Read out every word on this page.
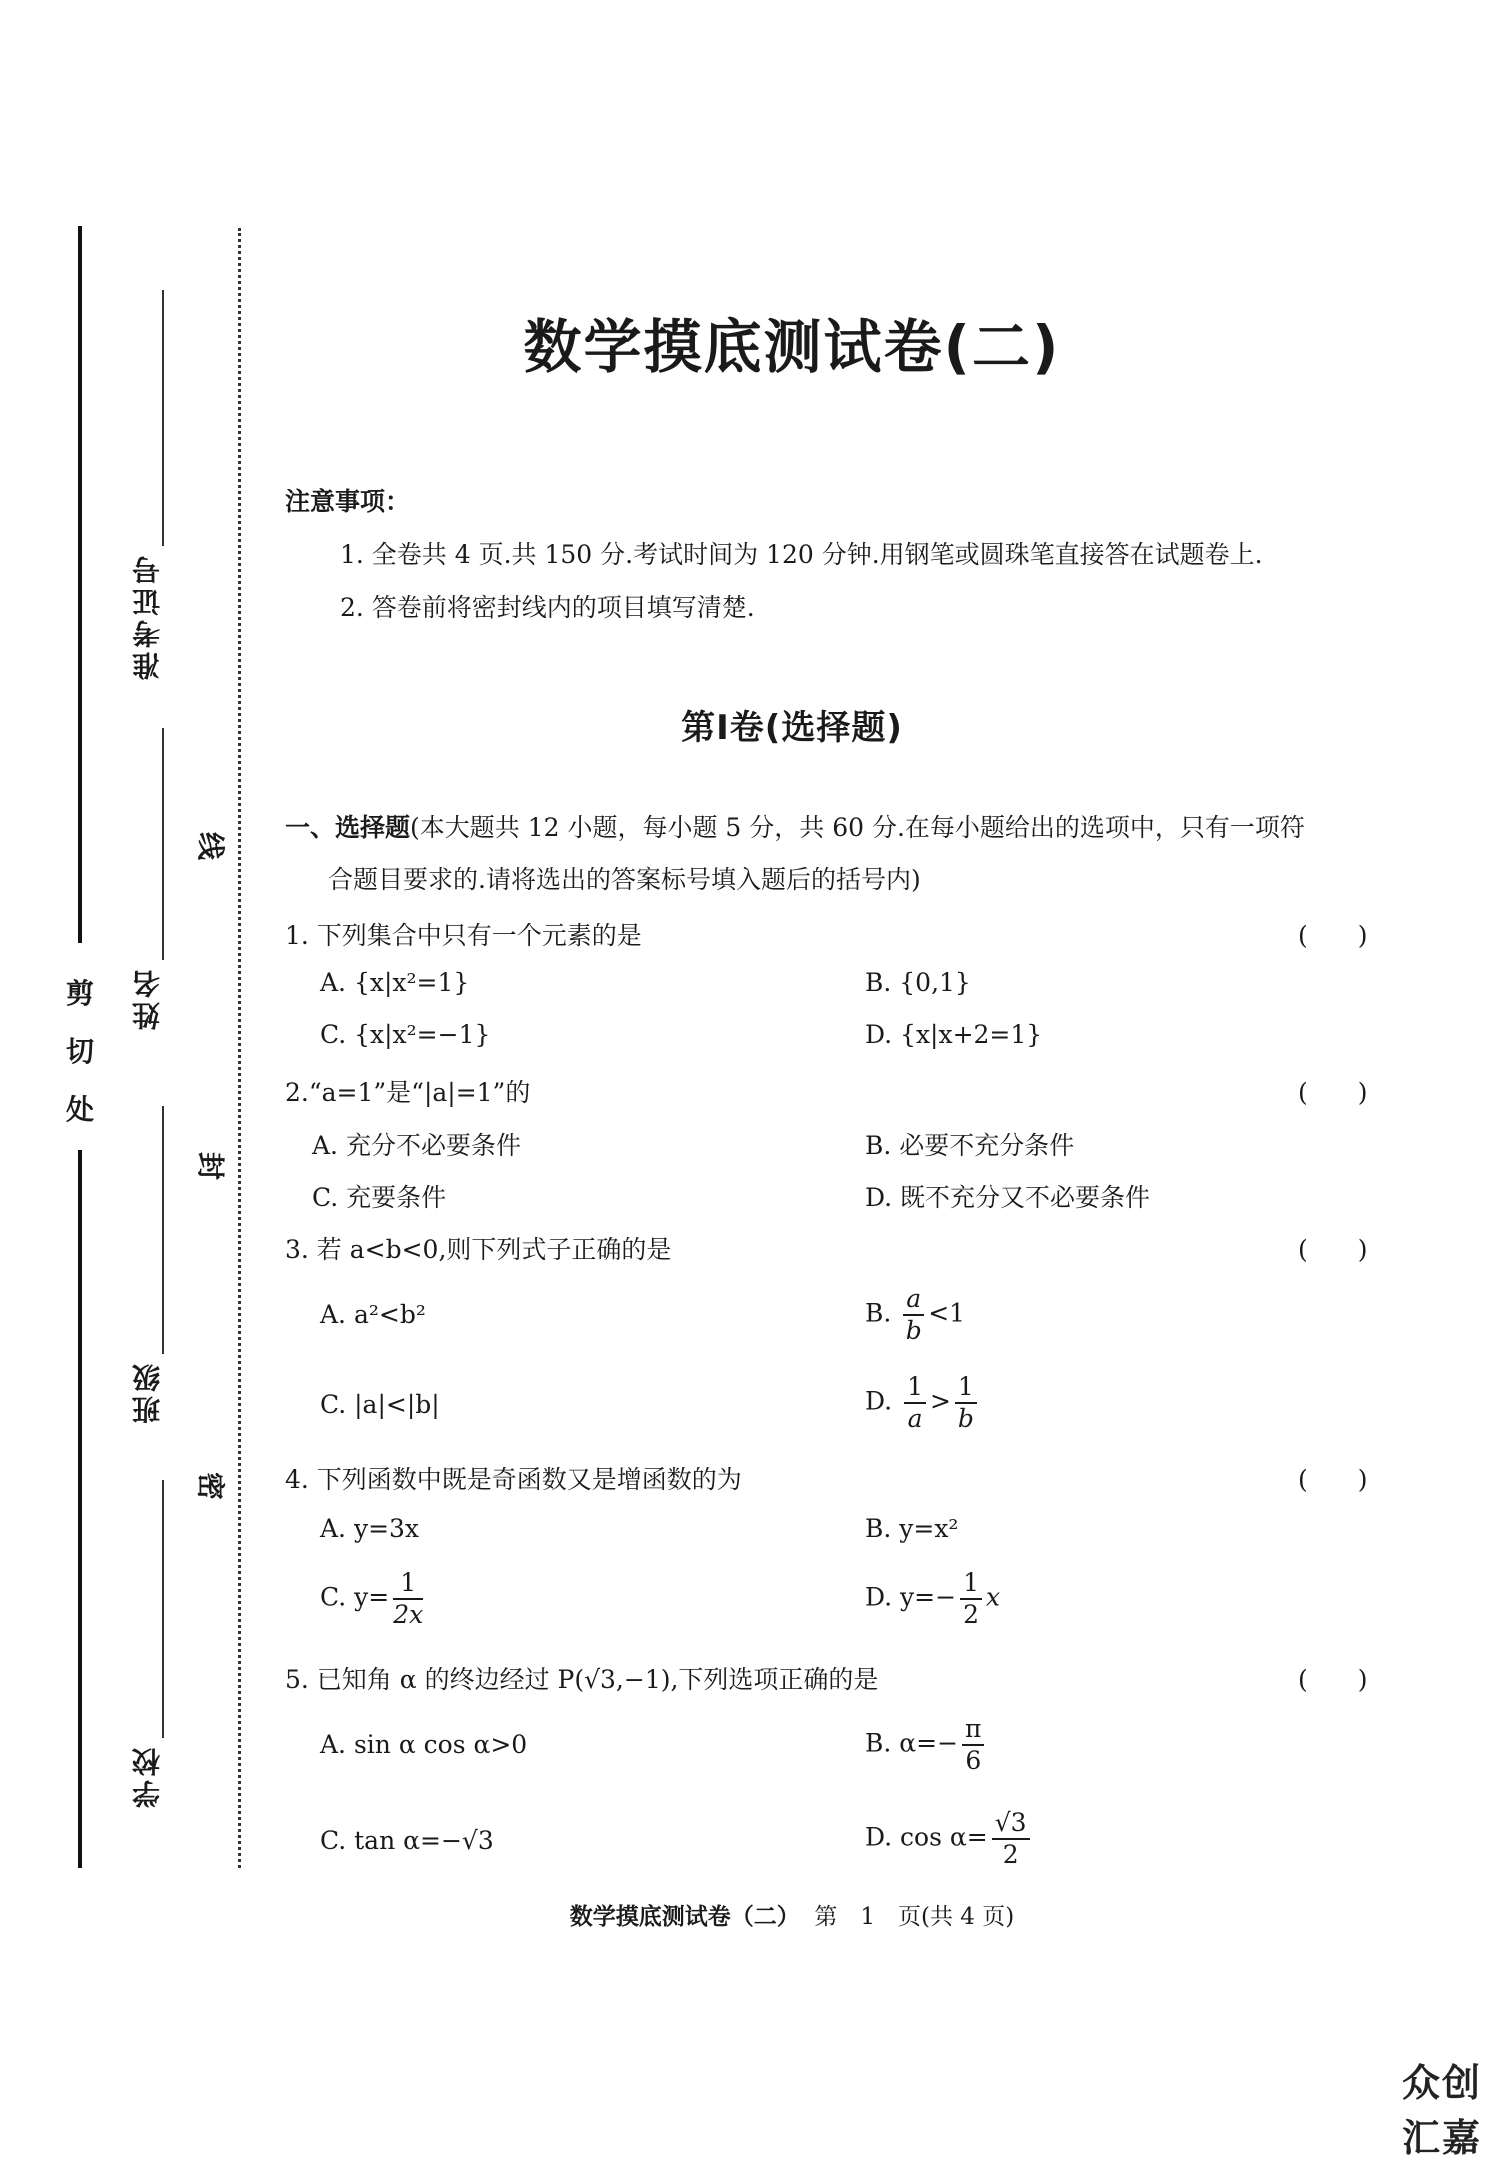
剪
切
处
线
封
密
准考证号
姓名
班级
学校
数学摸底测试卷(二)
注意事项：
1. 全卷共 4 页.共 150 分.考试时间为 120 分钟.用钢笔或圆珠笔直接答在试题卷上.
2. 答卷前将密封线内的项目填写清楚.
第Ⅰ卷(选择题)
一、选择题(本大题共 12 小题，每小题 5 分，共 60 分.在每小题给出的选项中，只有一项符
合题目要求的.请将选出的答案标号填入题后的括号内)
1. 下列集合中只有一个元素的是	(　　)
A. {x|x²=1}	B. {0,1}
C. {x|x²=−1}	D. {x|x+2=1}
2.“a=1”是“|a|=1”的	(　　)
A. 充分不必要条件	B. 必要不充分条件
C. 充要条件	D. 既不充分又不必要条件
3. 若 a<b<0,则下列式子正确的是	(　　)
A. a²<b²	B. $\frac{a}{b} <1$
C. |a|<|b|	D. $\frac{1}{a} > \frac{1}{b}$
4. 下列函数中既是奇函数又是增函数的为	(　　)
A. y=3x	B. y=x²
C. $y= \frac{1}{2x}$	D. $y=- \frac{1}{2}$ x
5. 已知角 α 的终边经过 P(√3,−1),下列选项正确的是	(　　)
A. sin α cos α>0	B. $\alpha=- \frac{\pi}{6}$
C. tan α=−√3	D. $\cos \alpha= \frac{√3}{2}$
数学摸底测试卷（二） 第　1　页(共 4 页)
众创汇嘉
